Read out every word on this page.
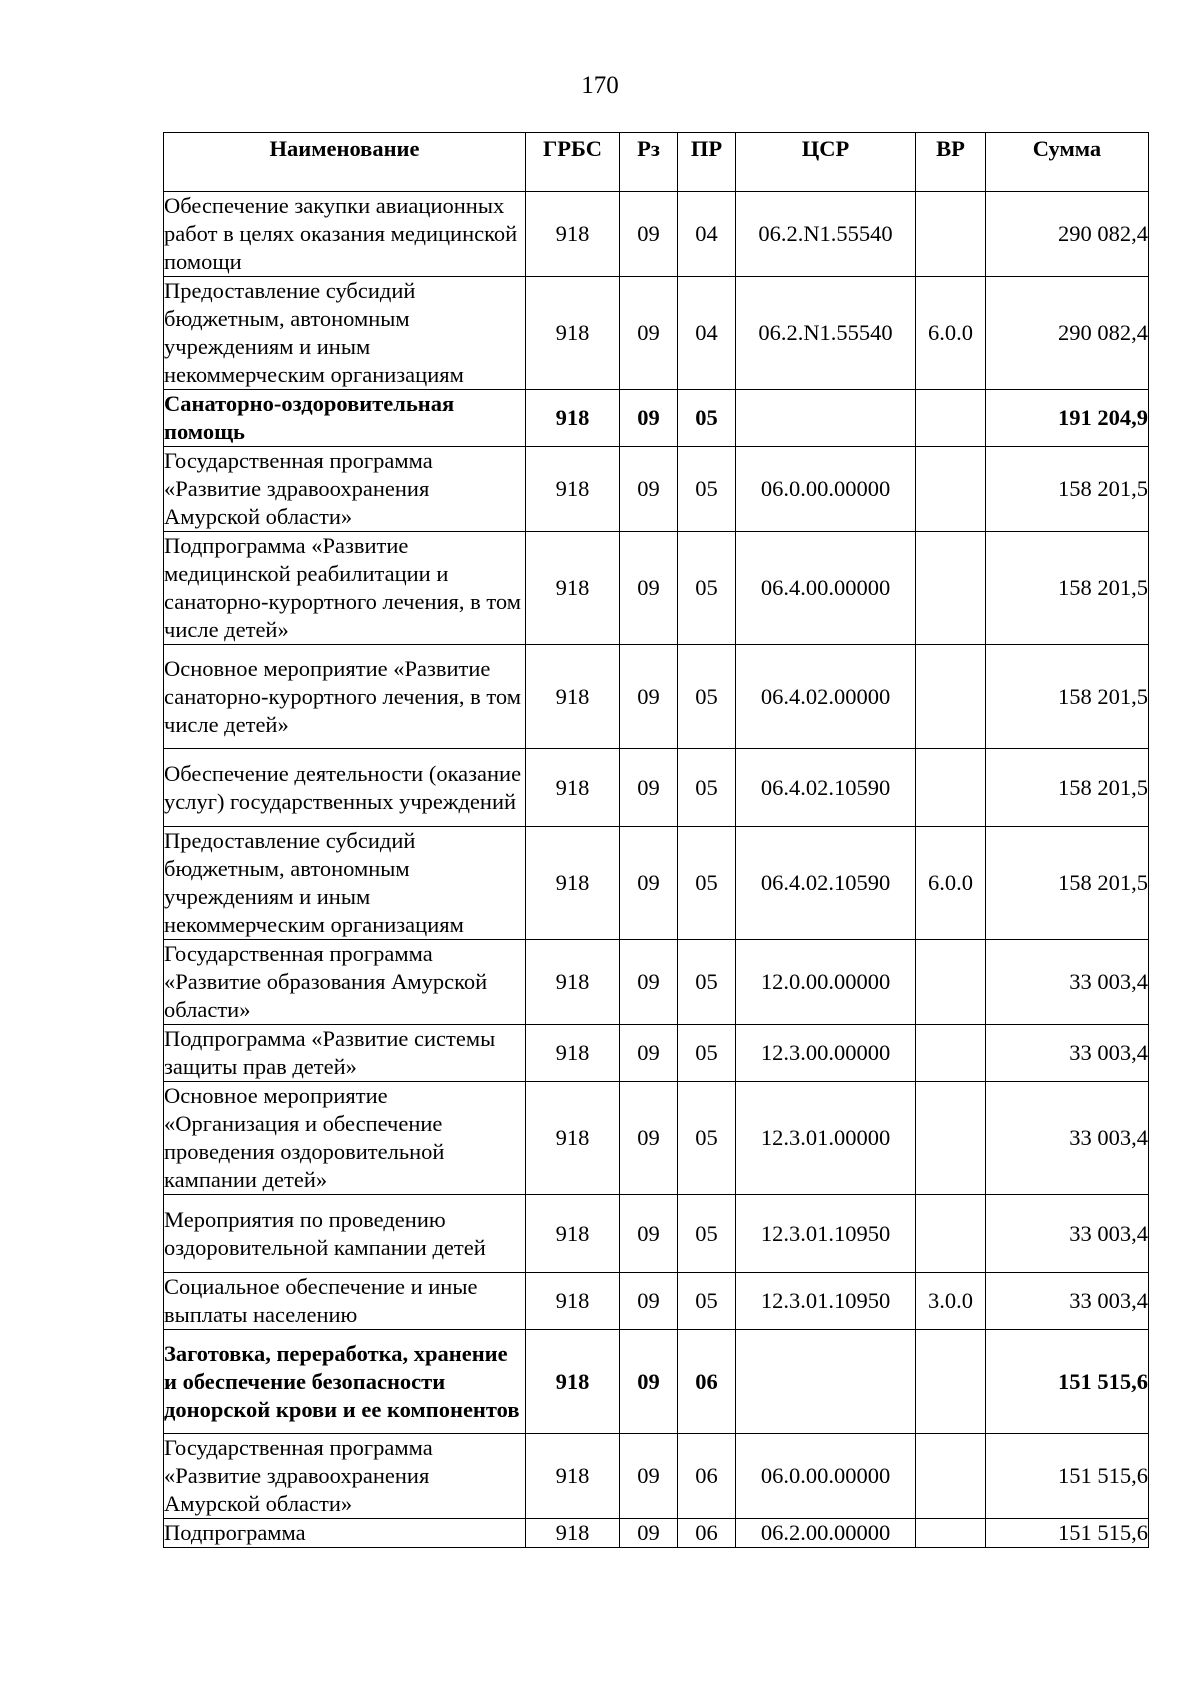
170
Наименование	ГРБС	Рз	ПР	ЦСР	ВР	Сумма
Обеспечение закупки авиационных работ в целях оказания медицинской помощи	918	09	04	06.2.N1.55540		290 082,4
Предоставление субсидий бюджетным, автономным учреждениям и иным некоммерческим организациям	918	09	04	06.2.N1.55540	6.0.0	290 082,4
Санаторно-оздоровительная помощь	918	09	05			191 204,9
Государственная программа «Развитие здравоохранения Амурской области»	918	09	05	06.0.00.00000		158 201,5
Подпрограмма «Развитие медицинской реабилитации и санаторно-курортного лечения, в том числе детей»	918	09	05	06.4.00.00000		158 201,5
Основное мероприятие «Развитие санаторно-курортного лечения, в том числе детей»	918	09	05	06.4.02.00000		158 201,5
Обеспечение деятельности (оказание услуг) государственных учреждений	918	09	05	06.4.02.10590		158 201,5
Предоставление субсидий бюджетным, автономным учреждениям и иным некоммерческим организациям	918	09	05	06.4.02.10590	6.0.0	158 201,5
Государственная программа «Развитие образования Амурской области»	918	09	05	12.0.00.00000		33 003,4
Подпрограмма «Развитие системы защиты прав детей»	918	09	05	12.3.00.00000		33 003,4
Основное мероприятие «Организация и обеспечение проведения оздоровительной кампании детей»	918	09	05	12.3.01.00000		33 003,4
Мероприятия по проведению оздоровительной кампании детей	918	09	05	12.3.01.10950		33 003,4
Социальное обеспечение и иные выплаты населению	918	09	05	12.3.01.10950	3.0.0	33 003,4
Заготовка, переработка, хранение и обеспечение безопасности донорской крови и ее компонентов	918	09	06			151 515,6
Государственная программа «Развитие здравоохранения Амурской области»	918	09	06	06.0.00.00000		151 515,6
Подпрограмма	918	09	06	06.2.00.00000		151 515,6
